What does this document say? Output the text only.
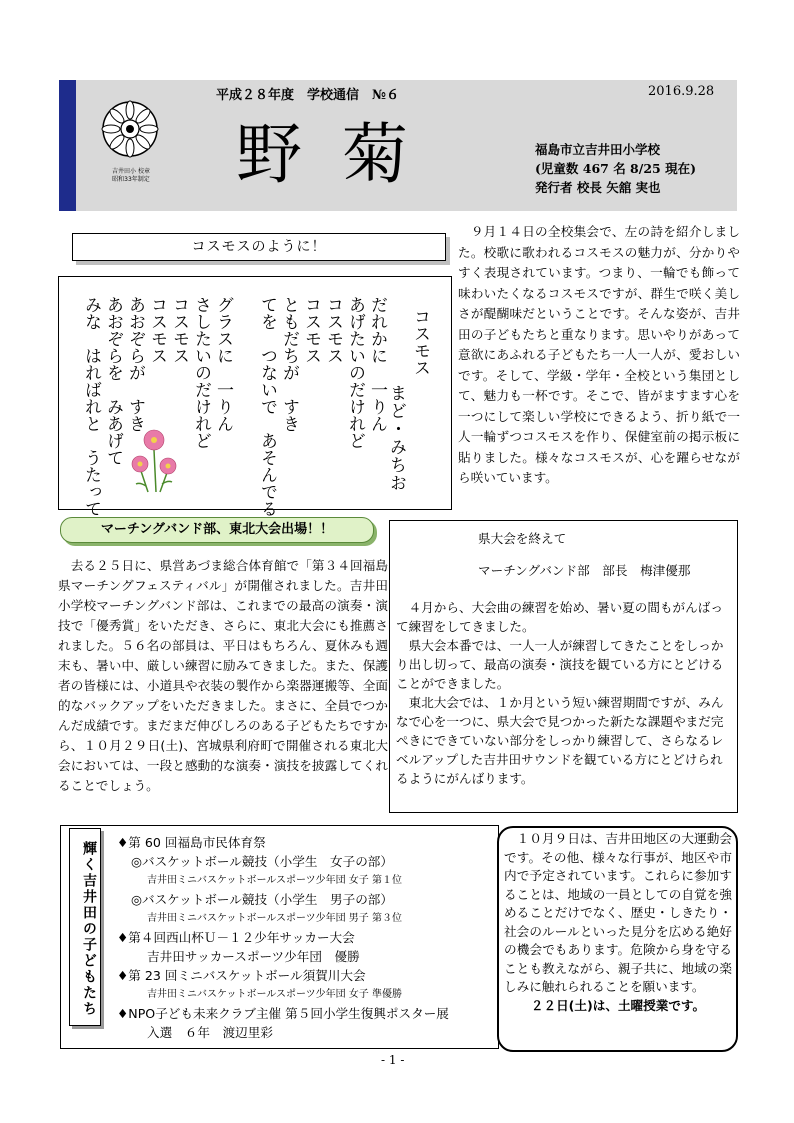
吉井田小 校章
昭和33年制定
平成２８年度　学校通信　№６	2016.9.28
野菊	福島市立吉井田小学校
(児童数 467 名 8/25 現在)
発行者 校長 矢舘 実也
コスモスのように！
コスモス
まど・みちお
だれかに　一りん
あげたいのだけれど
コスモス
コスモス
ともだちが　すき
てを　つないで　あそんでる

グラスに　一りん
さしたいのだけれど
コスモス
コスモス
あおぞらが　すき
あおぞらを　みあげて
みな　はればれと　うたって
　９月１４日の全校集会で、左の詩を紹介しました。校歌に歌われるコスモスの魅力が、分かりやすく表現されています。つまり、一輪でも飾って味わいたくなるコスモスですが、群生で咲く美しさが醍醐味だということです。そんな姿が、吉井田の子どもたちと重なります。思いやりがあって意欲にあふれる子どもたち一人一人が、愛おしいです。そして、学級・学年・全校という集団として、魅力も一杯です。そこで、皆がますます心を一つにして楽しい学校にできるよう、折り紙で一人一輪ずつコスモスを作り、保健室前の掲示板に貼りました。様々なコスモスが、心を躍らせながら咲いています。
マーチングバンド部、東北大会出場！！
　去る２５日に、県営あづま総合体育館で「第３４回福島県マーチングフェスティバル」が開催されました。吉井田小学校マーチングバンド部は、これまでの最高の演奏・演技で「優秀賞」をいただき、さらに、東北大会にも推薦されました。５６名の部員は、平日はもちろん、夏休みも週末も、暑い中、厳しい練習に励みてきました。また、保護者の皆様には、小道具や衣装の製作から楽器運搬等、全面的なバックアップをいただきました。まさに、全員でつかんだ成績です。まだまだ伸びしろのある子どもたちですから、１０月２９日(土)、宮城県利府町で開催される東北大会においては、一段と感動的な演奏・演技を披露してくれることでしょう。
県大会を終えて
マーチングバンド部　部長　梅津優那

４月から、大会曲の練習を始め、暑い夏の間もがんばって練習をしてきました。

県大会本番では、一人一人が練習してきたことをしっかり出し切って、最高の演奏・演技を観ている方にとどけることができました。

東北大会では、１か月という短い練習期間ですが、みんなで心を一つに、県大会で見つかった新たな課題やまだ完ぺきにできていない部分をしっかり練習して、さらなるレベルアップした吉井田サウンドを観ている方にとどけられるようにがんばります。

輝く吉井田の子どもたち ♦第 60 回福島市民体育祭
◎バスケットボール競技（小学生　女子の部）
吉井田ミニバスケットボールスポーツ少年団 女子 第１位
◎バスケットボール競技（小学生　男子の部）
吉井田ミニバスケットボールスポーツ少年団 男子 第３位
♦第４回西山杯Ｕ－１２少年サッカー大会
吉井田サッカースポーツ少年団　優勝
♦第 23 回ミニバスケットボール須賀川大会
吉井田ミニバスケットボールスポーツ少年団 女子 準優勝
♦NPO子ども未来クラブ主催 第５回小学生復興ポスター展
入選　６年　渡辺里彩
　１０月９日は、吉井田地区の大運動会です。その他、様々な行事が、地区や市内で予定されています。これらに参加することは、地域の一員としての自覚を強めることだけでなく、歴史・しきたり・社会のルールといった見分を広める絶好の機会でもあります。危険から身を守ることも教えながら、親子共に、地域の楽しみに触れられることを願います。
２２日(土)は、土曜授業です。
- 1 -
